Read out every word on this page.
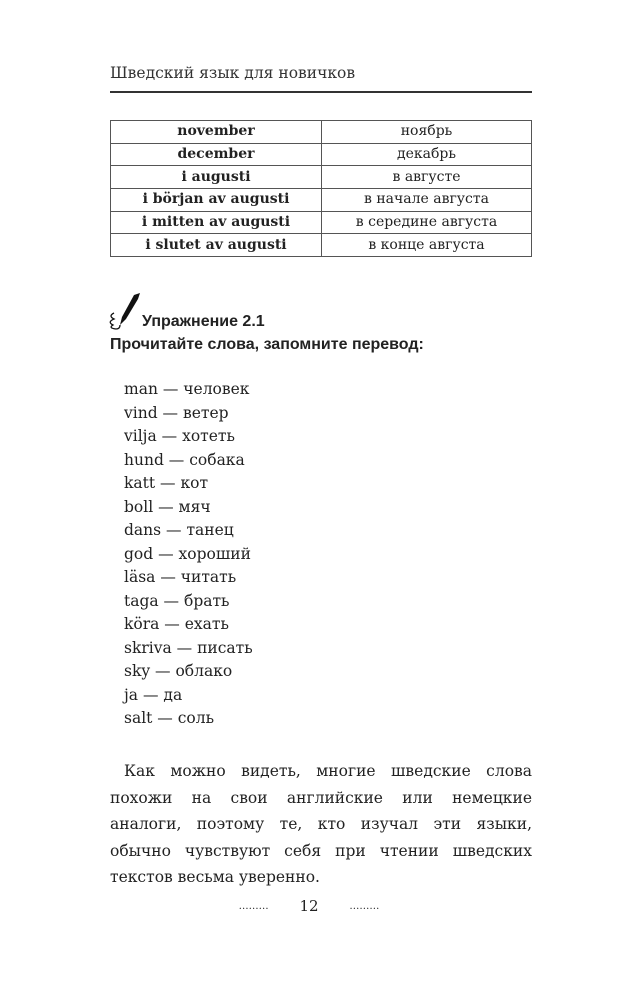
Шведский язык для новичков
november	ноябрь
december	декабрь
i augusti	в августе
i början av augusti	в начале августа
i mitten av augusti	в середине августа
i slutet av augusti	в конце августа
Упражнение 2.1
Прочитайте слова, запомните перевод:
man — человек
vind — ветер
vilja — хотеть
hund — собака
katt — кот
boll — мяч
dans — танец
god — хороший
läsa — читать
taga — брать
köra — ехать
skriva — писать
sky — облако
ja — да
salt — соль
Как можно видеть, многие шведские слова похожи на свои английские или немецкие аналоги, поэтому те, кто изучал эти языки, обычно чувствуют себя при чтении шведских текстов весьма уверенно.
……… 12	………
